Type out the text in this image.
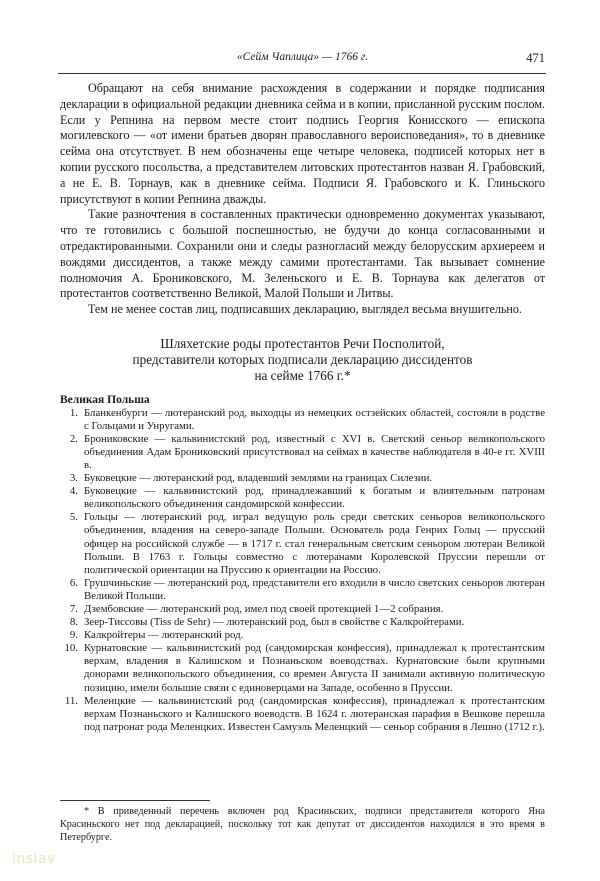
«Сейм Чаплица» — 1766 г.	471

Обращают на себя внимание расхождения в содержании и порядке подписания декларации в официальной редакции дневника сейма и в копии, присланной русским послом. Если у Репнина на первом месте стоит подпись Георгия Конисского — епископа могилевского — «от имени братьев дворян православного вероисповедания», то в дневнике сейма она отсутствует. В нем обозначены еще четыре человека, подписей которых нет в копии русского посольства, а представителем литовских протестантов назван Я. Грабовский, а не Е. В. Торнаув, как в дневнике сейма. Подписи Я. Грабовского и К. Глиньского присутствуют в копии Репнина дважды.

Такие разночтения в составленных практически одновременно документах указывают, что те готовились с большой поспешностью, не будучи до конца согласованными и отредактированными. Сохранили они и следы разногласий между белорусским архиереем и вождями диссидентов, а также между самими протестантами. Так вызывает сомнение полномочия А. Брониковского, М. Зеленьского и Е. В. Торнаува как делегатов от протестантов соответственно Великой, Малой Польши и Литвы.

Тем не менее состав лиц, подписавших декларацию, выглядел весьма внушительно.

Шляхетские роды протестантов Речи Посполитой,
представители которых подписали декларацию диссидентов
на сейме 1766 г.*
Великая Польша
1. Бланкенбурги — лютеранский род, выходцы из немецких остзейских областей, состояли в родстве с Гольцами и Унругами.
2. Брониковские — кальвинистский род, известный с XVI в. Светский сеньор великопольского объединения Адам Брониковский присутствовал на сеймах в качестве наблюдателя в 40-е гг. XVIII в.
3. Буковецкие — лютеранский род, владевший землями на границах Силезии.
4. Буковецкие — кальвинистский род, принадлежавший к богатым и влиятельным патронам великопольского объединения сандомирской конфессии.
5. Гольцы — лютеранский род, играл ведущую роль среди светских сеньоров великопольского объединения, владения на северо-западе Польши. Основатель рода Генрих Гольц — прусский офицер на российской службе — в 1717 г. стал генеральным светским сеньором лютеран Великой Польши. В 1763 г. Гольцы совместно с лютеранами Королевской Пруссии перешли от политической ориентации на Пруссию к ориентации на Россию.
6. Грушчиньские — лютеранский род, представители его входили в число светских сеньоров лютеран Великой Польши.
7. Дзембовские — лютеранский род, имел под своей протекцией 1—2 собрания.
8. Зеер-Тиссовы (Tiss de Sehr) — лютеранский род, был в свойстве с Калкройтерами.
9. Калкройтеры — лютеранский род.
10. Курнатовские — кальвинистский род (сандомирская конфессия), принадлежал к протестантским верхам, владения в Калишском и Познаньском воеводствах. Курнатовские были крупными донорами великопольского объединения, со времен Августа II занимали активную политическую позицию, имели большие связи с единоверцами на Западе, особенно в Пруссии.
11. Меленцкие — кальвинистский род (сандомирская конфессия), принадлежал к протестантским верхам Познаньского и Калишского воеводств. В 1624 г. лютеранская парафия в Вешкове перешла под патронат рода Меленцких. Известен Самуэль Меленцкий — сеньор собрания в Лешно (1712 г.).

* В приведенный перечень включен род Красиньских, подписи представителя которого Яна Красиньского нет под декларацией, поскольку тот как депутат от диссидентов находился в это время в Петербурге.

inslav
